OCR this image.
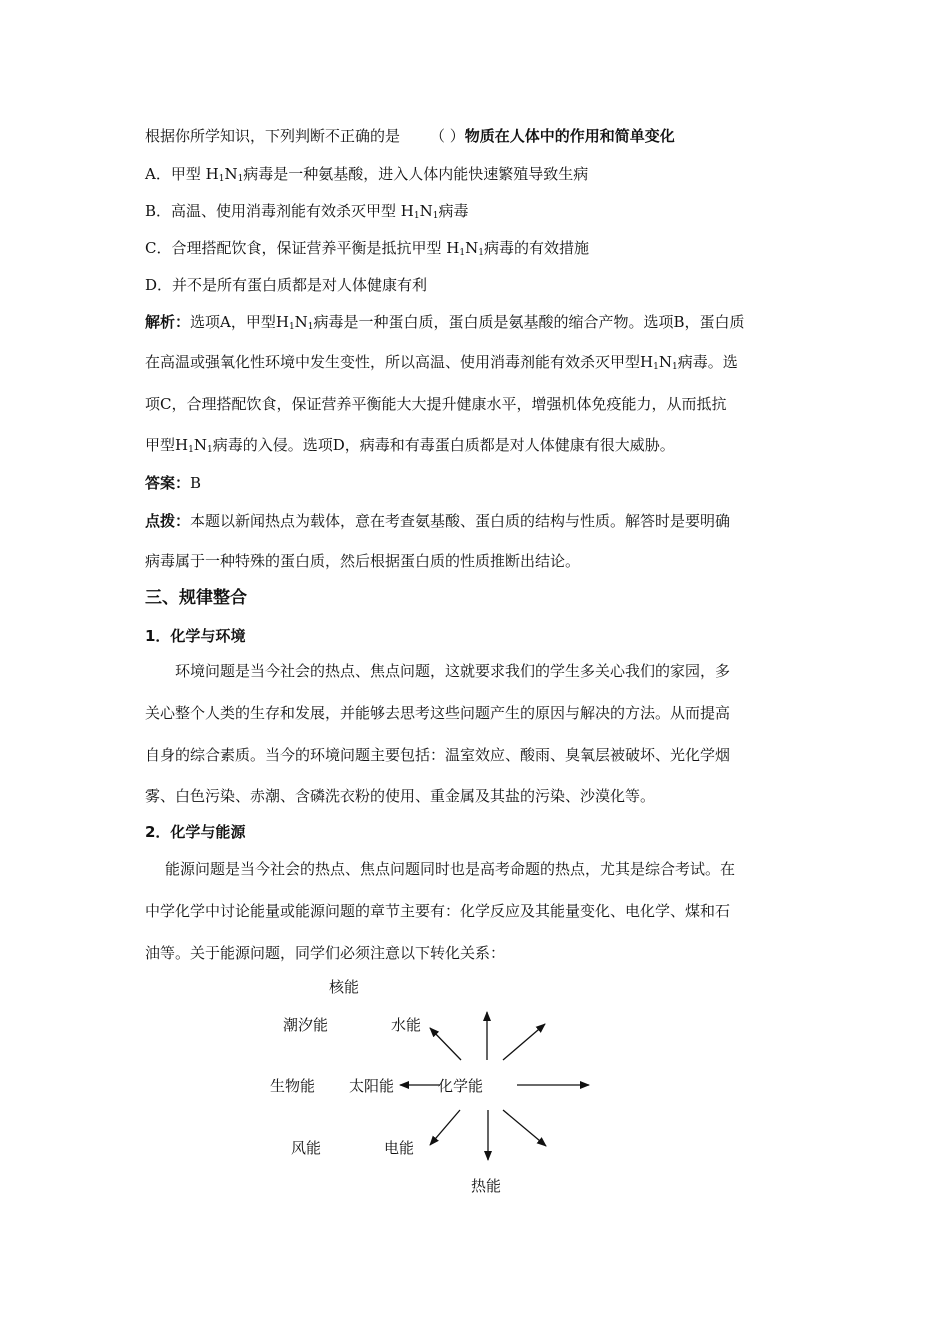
根据你所学知识，下列判断不正确的是 （ ）物质在人体中的作用和简单变化
A．甲型 $H_1N_1$病毒是一种氨基酸，进入人体内能快速繁殖导致生病
B．高温、使用消毒剂能有效杀灭甲型 $H_1N_1$病毒
C．合理搭配饮食，保证营养平衡是抵抗甲型 $H_1N_1$病毒的有效措施
D．并不是所有蛋白质都是对人体健康有利
解析：选项A，甲型$H_1N_1$病毒是一种蛋白质，蛋白质是氨基酸的缩合产物。选项B，蛋白质
在高温或强氧化性环境中发生变性，所以高温、使用消毒剂能有效杀灭甲型$H_1N_1$病毒。选
项C，合理搭配饮食，保证营养平衡能大大提升健康水平，增强机体免疫能力，从而抵抗
甲型$H_1N_1$病毒的入侵。选项D，病毒和有毒蛋白质都是对人体健康有很大威胁。
答案：B
点拨：本题以新闻热点为载体，意在考查氨基酸、蛋白质的结构与性质。解答时是要明确
病毒属于一种特殊的蛋白质，然后根据蛋白质的性质推断出结论。
三、规律整合
1．化学与环境
环境问题是当今社会的热点、焦点问题，这就要求我们的学生多关心我们的家园，多
关心整个人类的生存和发展，并能够去思考这些问题产生的原因与解决的方法。从而提高
自身的综合素质。当今的环境问题主要包括：温室效应、酸雨、臭氧层被破坏、光化学烟
雾、白色污染、赤潮、含磷洗衣粉的使用、重金属及其盐的污染、沙漠化等。
2．化学与能源
能源问题是当今社会的热点、焦点问题同时也是高考命题的热点，尤其是综合考试。在
中学化学中讨论能量或能源问题的章节主要有：化学反应及其能量变化、电化学、煤和石
油等。关于能源问题，同学们必须注意以下转化关系：
核能
潮汐能	水能
生物能 太阳能	化学能
风能	电能
热能
